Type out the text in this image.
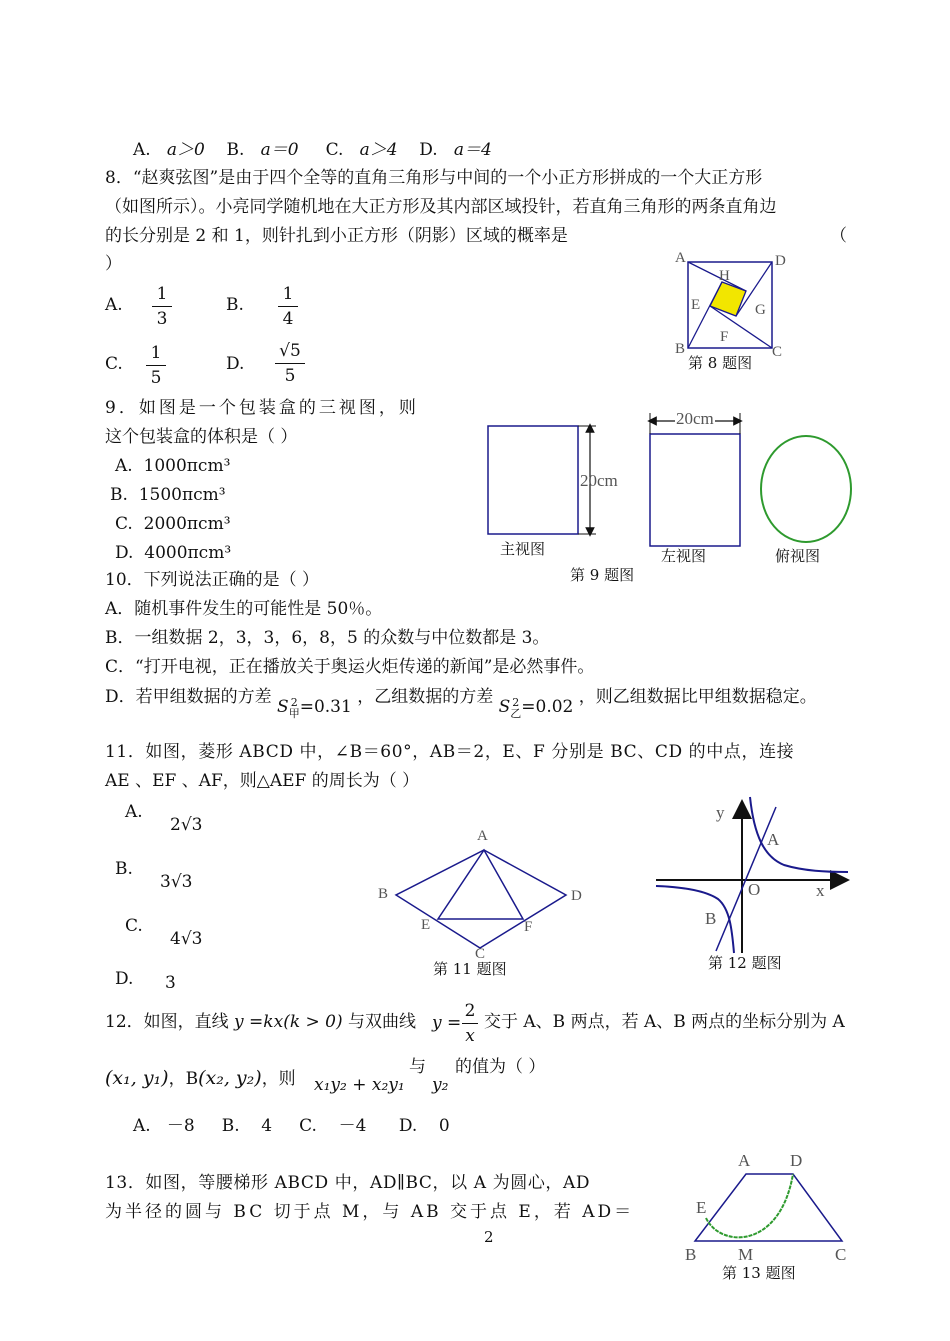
A. a＞0 B. a＝0 C. a＞4 D. a＝4
8．“赵爽弦图”是由于四个全等的直角三角形与中间的一个小正方形拼成的一个大正方形
（如图所示）。小亮同学随机地在大正方形及其内部区域投针，若直角三角形的两条直角边
的长分别是 2 和 1，则针扎到小正方形（阴影）区域的概率是	（
）
A.
1
3
B.
1
4
C.
1
5
D.
√5
5
A	D
H
E	G
F
B	C
第 8 题图
9．如图是一个包装盒的三视图，则
这个包装盒的体积是（ ）
A. 1000πcm³
B. 1500πcm³
C. 2000πcm³
D. 4000πcm³
20cm
20cm
主视图	左视图	俯视图
第 9 题图
10．下列说法正确的是（ ）
A．随机事件发生的可能性是 50％。
B．一组数据 2，3，3，6，8，5 的众数与中位数都是 3。
C．“打开电视，正在播放关于奥运火炬传递的新闻”是必然事件。
D．若甲组数据的方差 S 2
甲=0.31 ，乙组数据的方差 S 2
乙=0.02 ，则乙组数据比甲组数据稳定。
11．如图，菱形 ABCD 中，∠B＝60°，AB＝2，E、F 分别是 BC、CD 的中点，连接
AE 、EF 、AF，则△AEF 的周长为（ ）
A.
2√3
B.
3√3
C.
4√3
D. 3
A
B	D
E	F
C
第 11 题图
y
x
O
A
B
第 12 题图
12．如图，直线 y =kx(k > 0) 与双曲线 y =
2
x
交于 A、B 两点，若 A、B 两点的坐标分别为 A
(x₁, y₁)，B(x₂, y₂)，则 x₁y₂ + x₂y₁
与
y₂
的值为（ ）
A. －8 B. 4 C. －4 D. 0
13．如图，等腰梯形 ABCD 中，AD∥BC，以 A 为圆心，AD
为半径的圆与 BC 切于点 M，与 AB 交于点 E，若 AD＝
A D
E
B M	C
第 13 题图
2
